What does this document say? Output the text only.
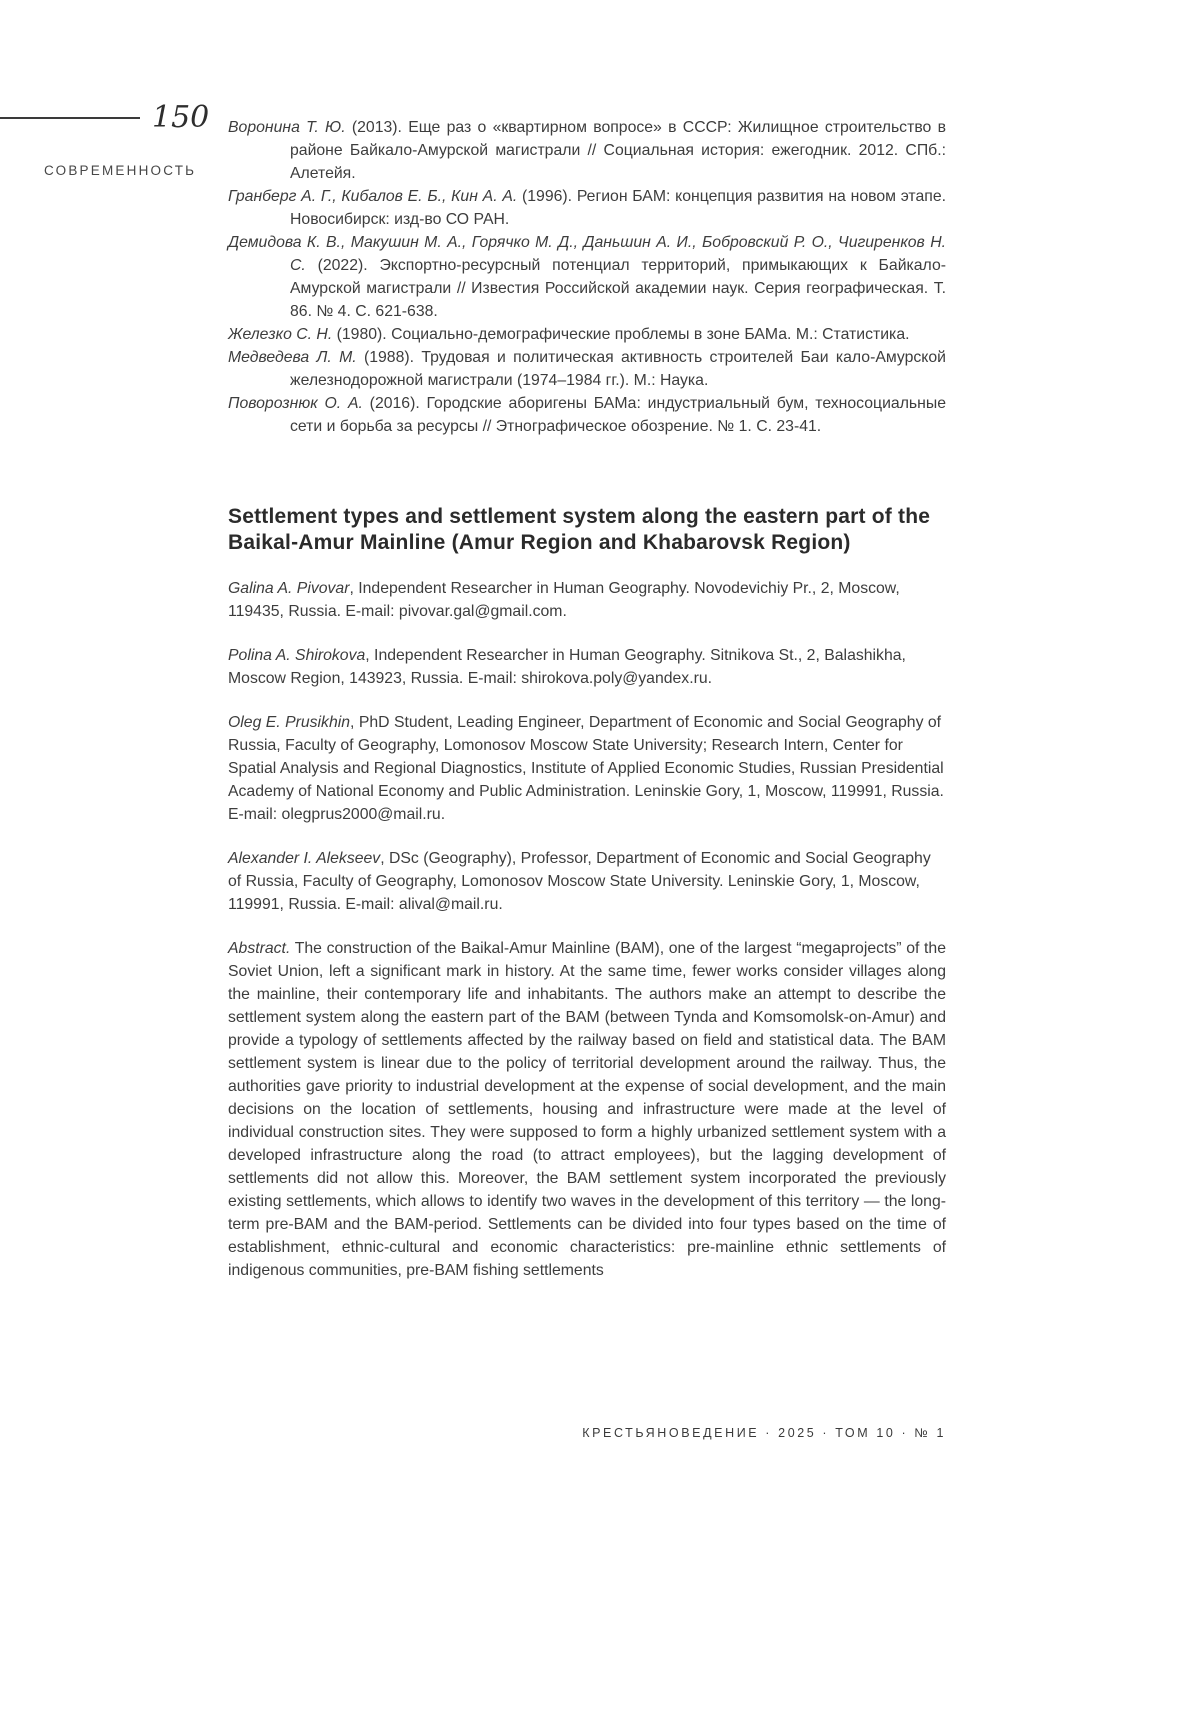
150
СОВРЕМЕННОСТЬ

Воронина Т. Ю. (2013). Еще раз о «квартирном вопросе» в СССР: Жилищное строительство в районе Байкало-Амурской магистрали // Социальная история: ежегодник. 2012. СПб.: Алетейя.

Гранберг А. Г., Кибалов Е. Б., Кин А. А. (1996). Регион БАМ: концепция развития на новом этапе. Новосибирск: изд-во СО РАН.

Демидова К. В., Макушин М. А., Горячко М. Д., Даньшин А. И., Бобровский Р. О., Чигиренков Н. С. (2022). Экспортно-ресурсный потенциал территорий, примыкающих к Байкало-Амурской магистрали // Известия Российской академии наук. Серия географическая. Т. 86. № 4. С. 621-638.

Железко С. Н. (1980). Социально-демографические проблемы в зоне БАМа. М.: Статистика.

Медведева Л. М. (1988). Трудовая и политическая активность строителей Баи кало-Амурской железнодорожной магистрали (1974–1984 гг.). М.: Наука.

Поворознюк О. А. (2016). Городские аборигены БАМа: индустриальный бум, техносоциальные сети и борьба за ресурсы // Этнографическое обозрение. № 1. С. 23-41.

Settlement types and settlement system along the eastern part of the Baikal-Amur Mainline (Amur Region and Khabarovsk Region)

Galina A. Pivovar, Independent Researcher in Human Geography. Novodevichiy Pr., 2, Moscow, 119435, Russia. E-mail: pivovar.gal@gmail.com.

Polina A. Shirokova, Independent Researcher in Human Geography. Sitnikova St., 2, Balashikha, Moscow Region, 143923, Russia. E-mail: shirokova.poly@yandex.ru.

Oleg E. Prusikhin, PhD Student, Leading Engineer, Department of Economic and Social Geography of Russia, Faculty of Geography, Lomonosov Moscow State University; Research Intern, Center for Spatial Analysis and Regional Diagnostics, Institute of Applied Economic Studies, Russian Presidential Academy of National Economy and Public Administration. Leninskie Gory, 1, Moscow, 119991, Russia. E-mail: olegprus2000@mail.ru.

Alexander I. Alekseev, DSc (Geography), Professor, Department of Economic and Social Geography of Russia, Faculty of Geography, Lomonosov Moscow State University. Leninskie Gory, 1, Moscow, 119991, Russia. E-mail: alival@mail.ru.

Abstract. The construction of the Baikal-Amur Mainline (BAM), one of the largest “megaprojects” of the Soviet Union, left a significant mark in history. At the same time, fewer works consider villages along the mainline, their contemporary life and inhabitants. The authors make an attempt to describe the settlement system along the eastern part of the BAM (between Tynda and Komsomolsk-on-Amur) and provide a typology of settlements affected by the railway based on field and statistical data. The BAM settlement system is linear due to the policy of territorial development around the railway. Thus, the authorities gave priority to industrial development at the expense of social development, and the main decisions on the location of settlements, housing and infrastructure were made at the level of individual construction sites. They were supposed to form a highly urbanized settlement system with a developed infrastructure along the road (to attract employees), but the lagging development of settlements did not allow this. Moreover, the BAM settlement system incorporated the previously existing settlements, which allows to identify two waves in the development of this territory — the long-term pre-BAM and the BAM-period. Settlements can be divided into four types based on the time of establishment, ethnic-cultural and economic characteristics: pre-mainline ethnic settlements of indigenous communities, pre-BAM fishing settlements

КРЕСТЬЯНОВЕДЕНИЕ · 2025 · ТОМ 10 · № 1
